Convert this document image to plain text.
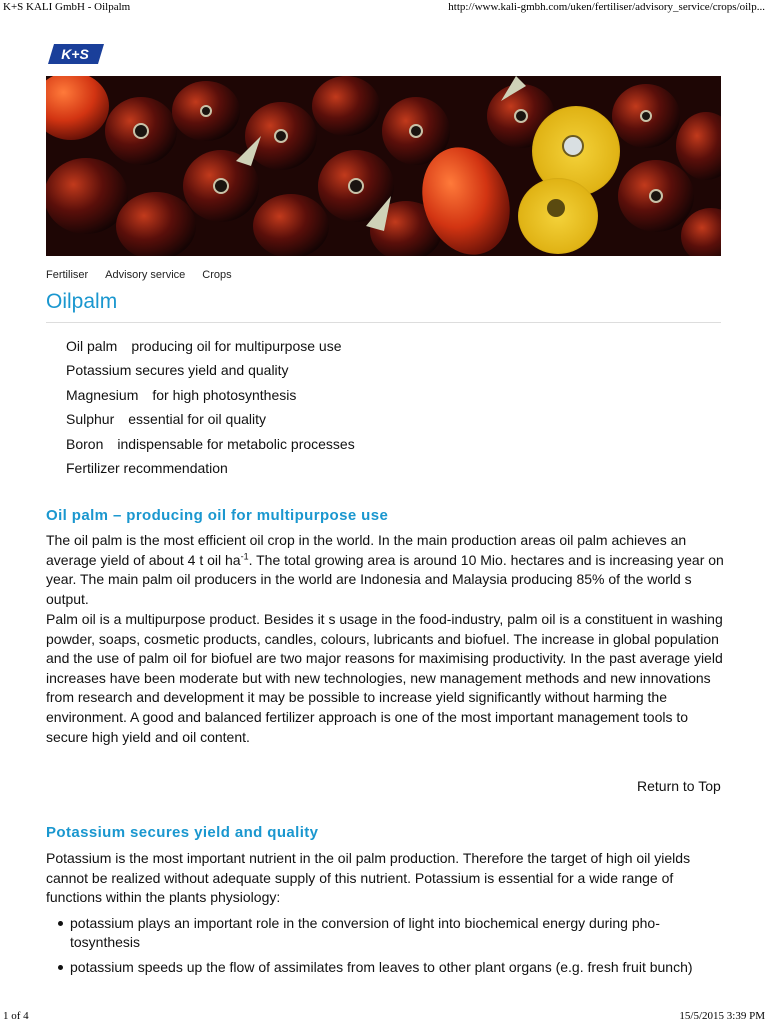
K+S KALI GmbH - Oilpalm	http://www.kali-gmbh.com/uken/fertiliser/advisory_service/crops/oilp...
K+S
Fertiliser Advisory service Crops
Oilpalm
Oil palm producing oil for multipurpose use
Potassium secures yield and quality
Magnesium for high photosynthesis
Sulphur essential for oil quality
Boron indispensable for metabolic processes
Fertilizer recommendation
Oil palm – producing oil for multipurpose use

The oil palm is the most efficient oil crop in the world. In the main production areas oil palm achieves an average yield of about 4 t oil $ha^{-1}$. The total growing area is around 10 Mio. hectares and is increasing year on year. The main palm oil producers in the world are Indonesia and Malaysia producing 85% of the world s output.

Palm oil is a multipurpose product. Besides it s usage in the food-industry, palm oil is a constituent in washing powder, soaps, cosmetic products, candles, colours, lubricants and biofuel. The increase in global population and the use of palm oil for biofuel are two major reasons for maximising productivity. In the past average yield increases have been moderate but with new technologies, new management methods and new innovations from research and development it may be possible to increase yield significantly without harming the environment. A good and balanced fertilizer approach is one of the most important management tools to secure high yield and oil content.

Return to Top
Potassium secures yield and quality

Potassium is the most important nutrient in the oil palm production. Therefore the target of high oil yields cannot be realized without adequate supply of this nutrient. Potassium is essential for a wide range of functions within the plants physiology:

potassium plays an important role in the conversion of light into biochemical energy during pho-tosynthesis
potassium speeds up the flow of assimilates from leaves to other plant organs (e.g. fresh fruit bunch)
1 of 4	15/5/2015 3:39 PM
